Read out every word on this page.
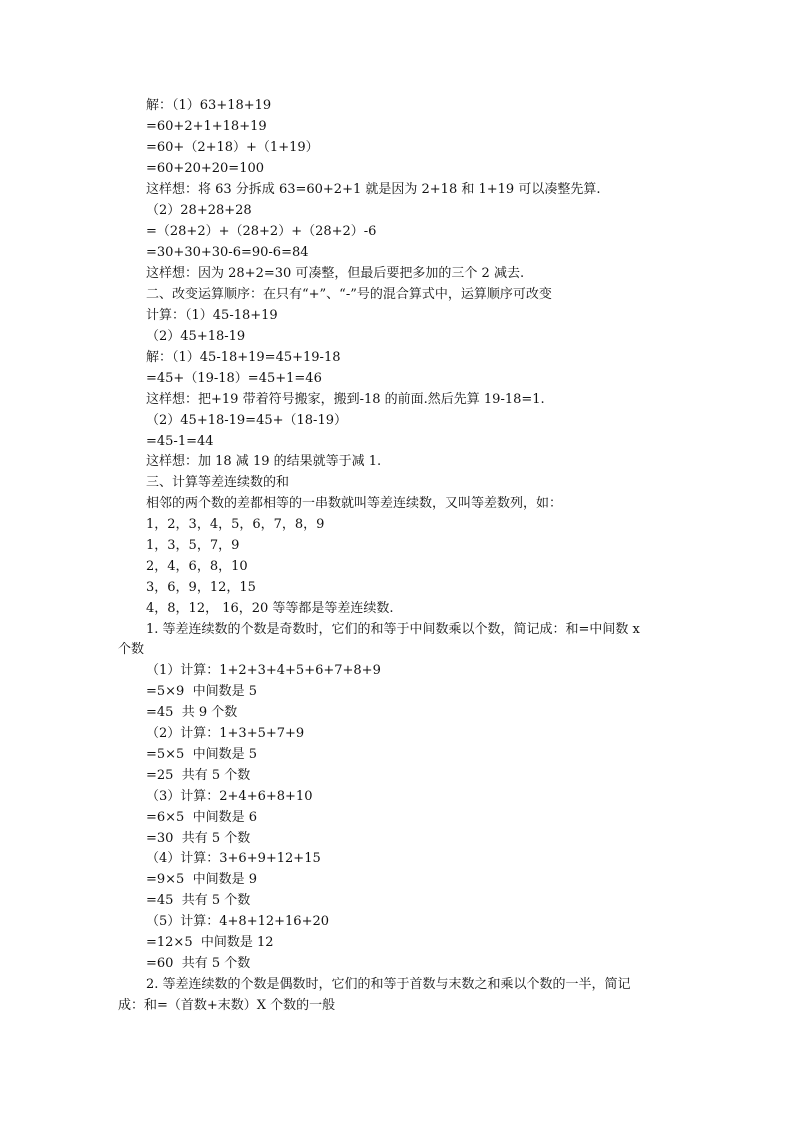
解：（1）63+18+19
=60+2+1+18+19
=60+（2+18）+（1+19）
=60+20+20=100
这样想：将 63 分拆成 63=60+2+1 就是因为 2+18 和 1+19 可以凑整先算.
（2）28+28+28
=（28+2）+（28+2）+（28+2）-6
=30+30+30-6=90-6=84
这样想：因为 28+2=30 可凑整，但最后要把多加的三个 2 减去.
二、改变运算顺序：在只有“+”、“-”号的混合算式中，运算顺序可改变
计算：（1）45-18+19
（2）45+18-19
解：（1）45-18+19=45+19-18
=45+（19-18）=45+1=46
这样想：把+19 带着符号搬家，搬到-18 的前面.然后先算 19-18=1.
（2）45+18-19=45+（18-19）
=45-1=44
这样想：加 18 减 19 的结果就等于减 1.
三、计算等差连续数的和
相邻的两个数的差都相等的一串数就叫等差连续数，又叫等差数列，如：
1，2，3，4，5，6，7，8，9
1，3，5，7，9
2，4，6，8，10
3，6，9，12，15
4，8，12， 16，20 等等都是等差连续数.
1. 等差连续数的个数是奇数时，它们的和等于中间数乘以个数，简记成：和=中间数 x
个数
（1）计算：1+2+3+4+5+6+7+8+9
=5×9  中间数是 5
=45  共 9 个数
（2）计算：1+3+5+7+9
=5×5  中间数是 5
=25  共有 5 个数
（3）计算：2+4+6+8+10
=6×5  中间数是 6
=30  共有 5 个数
（4）计算：3+6+9+12+15
=9×5  中间数是 9
=45  共有 5 个数
（5）计算：4+8+12+16+20
=12×5  中间数是 12
=60  共有 5 个数
2. 等差连续数的个数是偶数时，它们的和等于首数与末数之和乘以个数的一半，简记
成：和=（首数+末数）X 个数的一般
